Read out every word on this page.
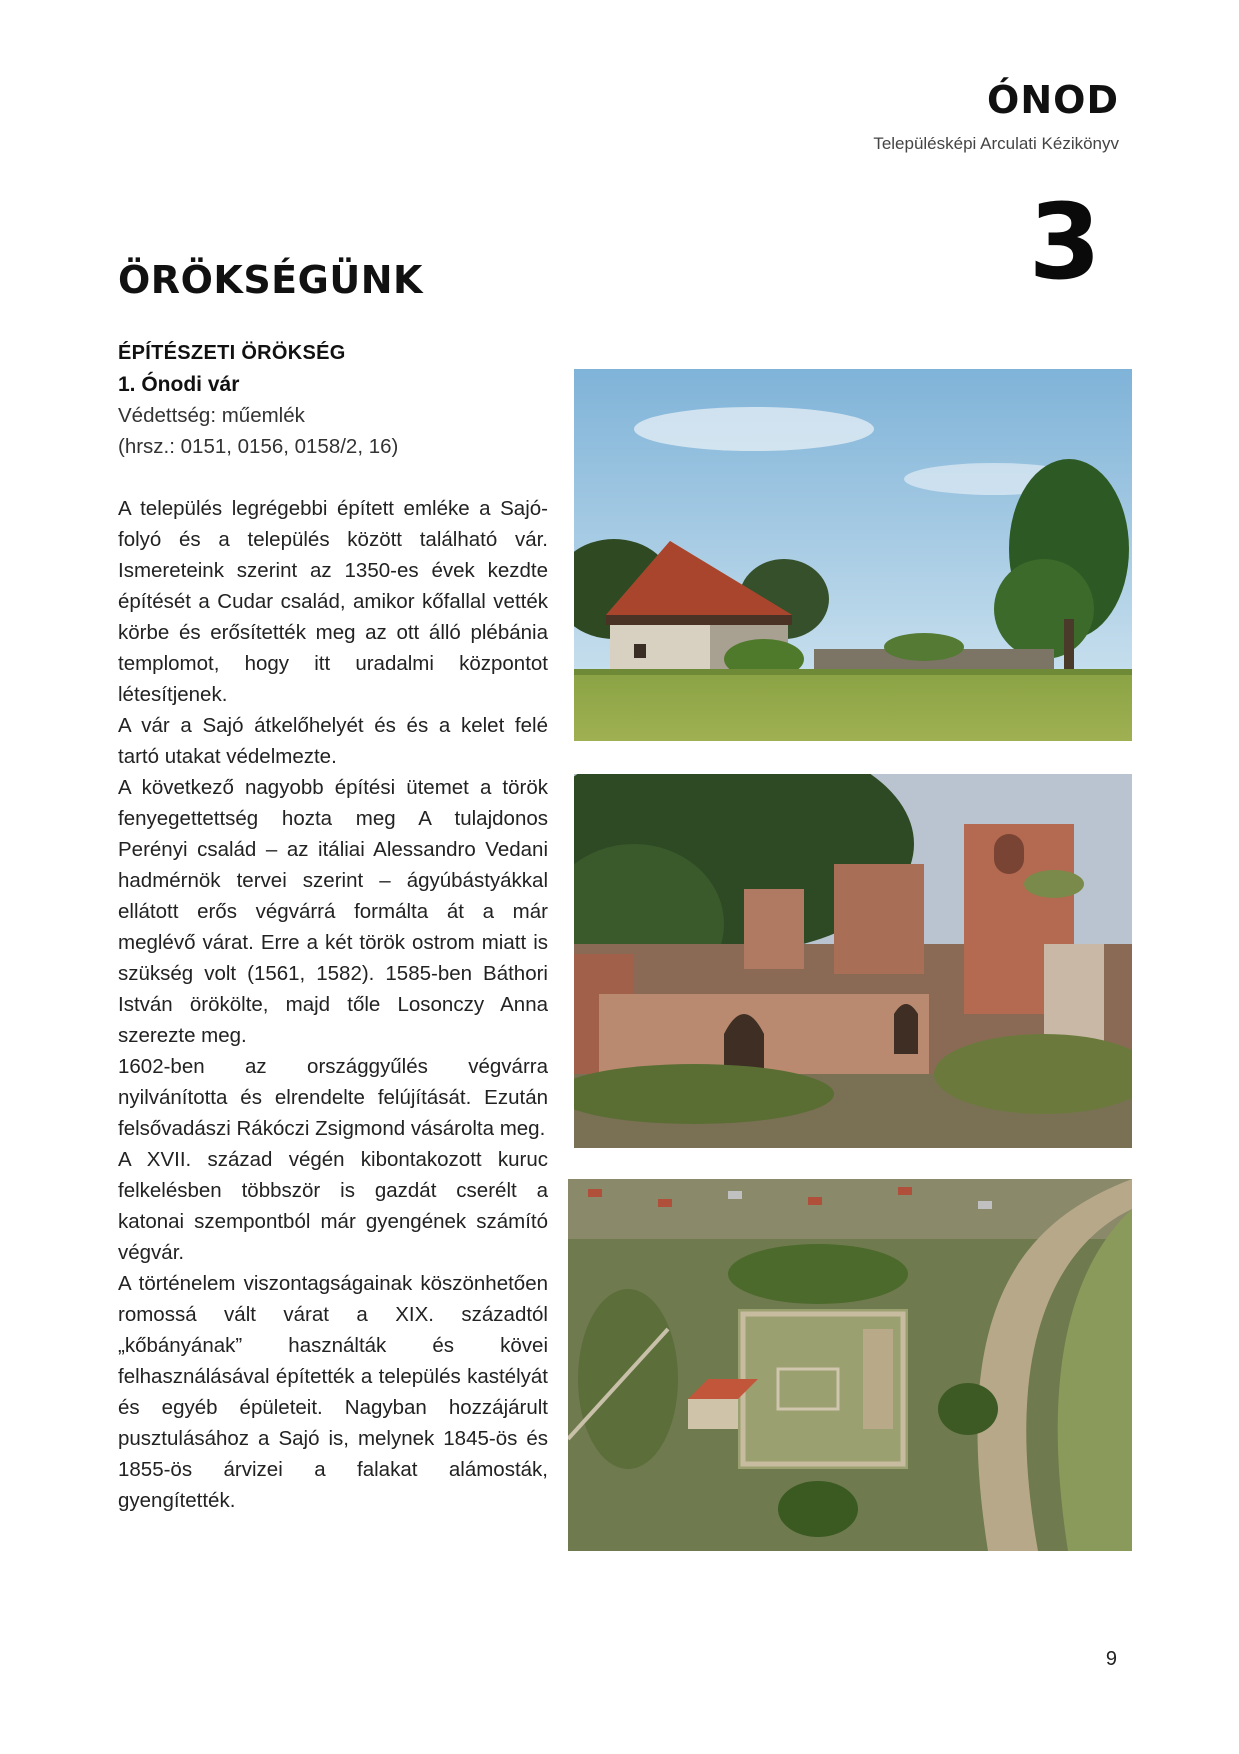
ÓNOD
Településképi Arculati Kézikönyv
3
ÖRÖKSÉGÜNK
ÉPÍTÉSZETI ÖRÖKSÉG
1. Ónodi vár
Védettség: műemlék
(hrsz.: 0151, 0156, 0158/2, 16)

A település legrégebbi épített emléke a Sajó-folyó és a település között található vár. Ismereteink szerint az 1350-es évek kezdte építését a Cudar család, amikor kőfallal vették körbe és erősítették meg az ott álló plébánia templomot, hogy itt uradalmi központot létesítjenek.

A vár a Sajó átkelőhelyét és és a kelet felé tartó utakat védelmezte.

A következő nagyobb építési ütemet a török fenyegettettség hozta meg A tulajdonos Perényi család – az itáliai Alessandro Vedani hadmérnök tervei szerint – ágyúbástyákkal ellátott erős végvárrá formálta át a már meglévő várat. Erre a két török ostrom miatt is szükség volt (1561, 1582). 1585-ben Báthori István örökölte, majd tőle Losonczy Anna szerezte meg.

1602-ben az országgyűlés végvárra nyilvánította és elrendelte felújítását. Ezután felsővadászi Rákóczi Zsigmond vásárolta meg.

A XVII. század végén kibontakozott kuruc felkelésben többször is gazdát cserélt a katonai szempontból már gyengének számító végvár.

A történelem viszontagságainak köszönhetően romossá vált várat a XIX. századtól „kőbányának” használták és kövei felhasználásával építették a település kastélyát és egyéb épületeit. Nagyban hozzájárult pusztulásához a Sajó is, melynek 1845-ös és 1855-ös árvizei a falakat alámosták, gyengítették.

9
